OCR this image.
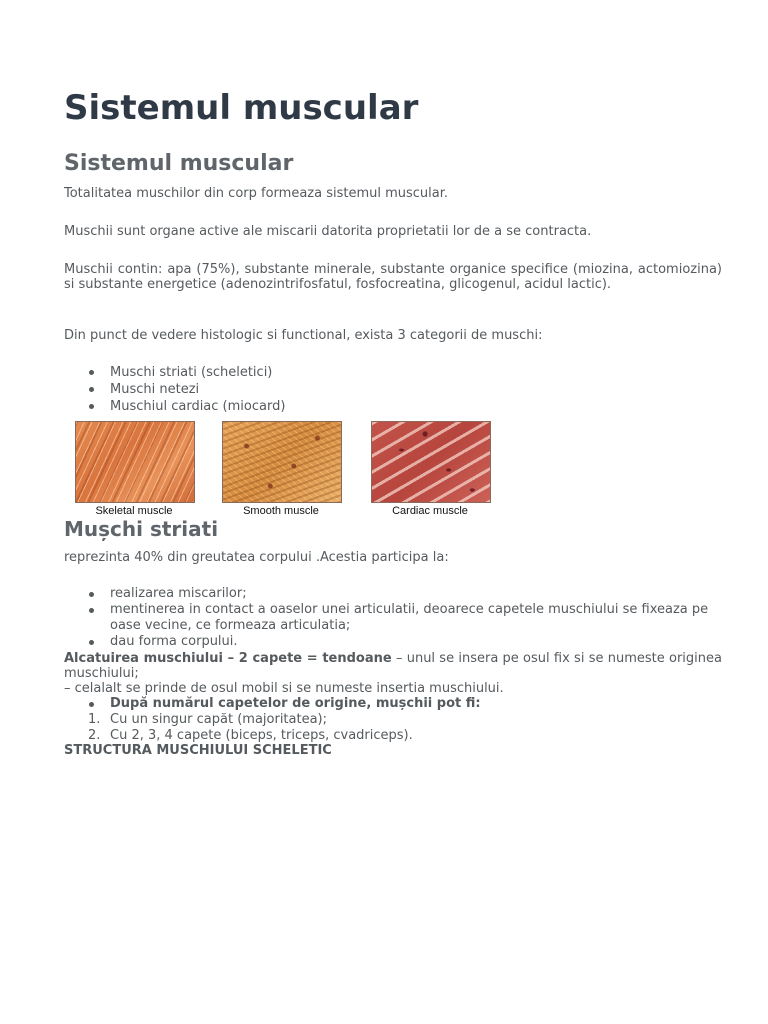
Sistemul muscular
Sistemul muscular

Totalitatea muschilor din corp formeaza sistemul muscular.

Muschii sunt organe active ale miscarii datorita proprietatii lor de a se contracta.

Muschii contin: apa (75%), substante minerale, substante organice specifice (miozina, actomiozina) si substante energetice (adenozintrifosfatul, fosfocreatina, glicogenul, acidul lactic).

Din punct de vedere histologic si functional, exista 3 categorii de muschi:

Muschi striati (scheletici)
Muschi netezi
Muschiul cardiac (miocard)
Skeletal muscle	Smooth muscle	Cardiac muscle
Mușchi striati

reprezinta 40% din greutatea corpului .Acestia participa la:

realizarea miscarilor;
mentinerea in contact a oaselor unei articulatii, deoarece capetele muschiului se fixeaza pe oase vecine, ce formeaza articulatia;
dau forma corpului.

Alcatuirea muschiului – 2 capete = tendoane – unul se insera pe osul fix si se numeste originea muschiului;

– celalalt se prinde de osul mobil si se numeste insertia muschiului.

După numărul capetelor de origine, mușchii pot fi:
1. Cu un singur capăt (majoritatea);
2. Cu 2, 3, 4 capete (biceps, triceps, cvadriceps).

STRUCTURA MUSCHIULUI SCHELETIC
